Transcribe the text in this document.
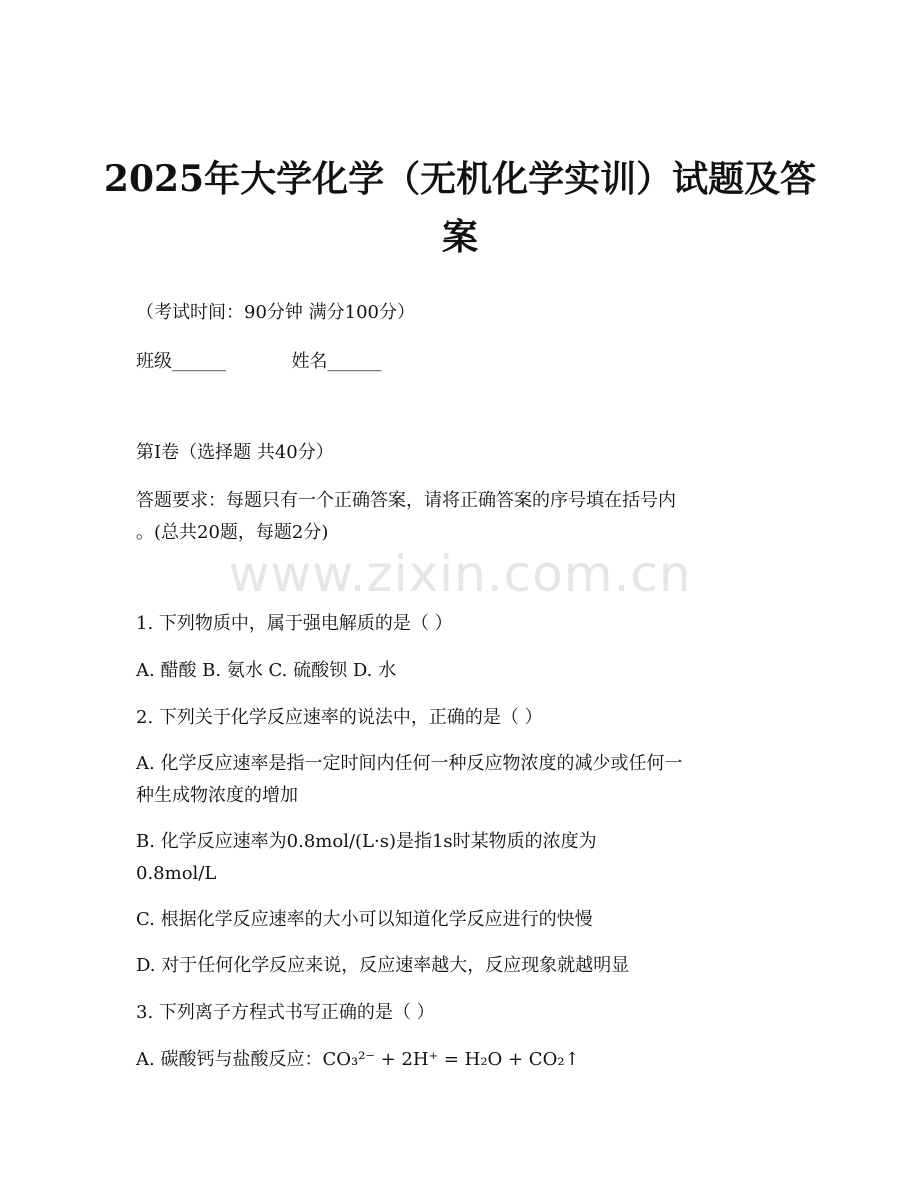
www.zixin.com.cn
2025年大学化学（无机化学实训）试题及答
案
（考试时间：90分钟 满分100分）
班级______	姓名______
第I卷（选择题 共40分）
答题要求：每题只有一个正确答案，请将正确答案的序号填在括号内
。(总共20题，每题2分)
1. 下列物质中，属于强电解质的是（ ）
A. 醋酸 B. 氨水 C. 硫酸钡 D. 水
2. 下列关于化学反应速率的说法中，正确的是（ ）
A. 化学反应速率是指一定时间内任何一种反应物浓度的减少或任何一
种生成物浓度的增加
B. 化学反应速率为0.8mol/(L·s)是指1s时某物质的浓度为
0.8mol/L
C. 根据化学反应速率的大小可以知道化学反应进行的快慢
D. 对于任何化学反应来说，反应速率越大，反应现象就越明显
3. 下列离子方程式书写正确的是（ ）
A. 碳酸钙与盐酸反应：CO₃²⁻ + 2H⁺ = H₂O + CO₂↑
